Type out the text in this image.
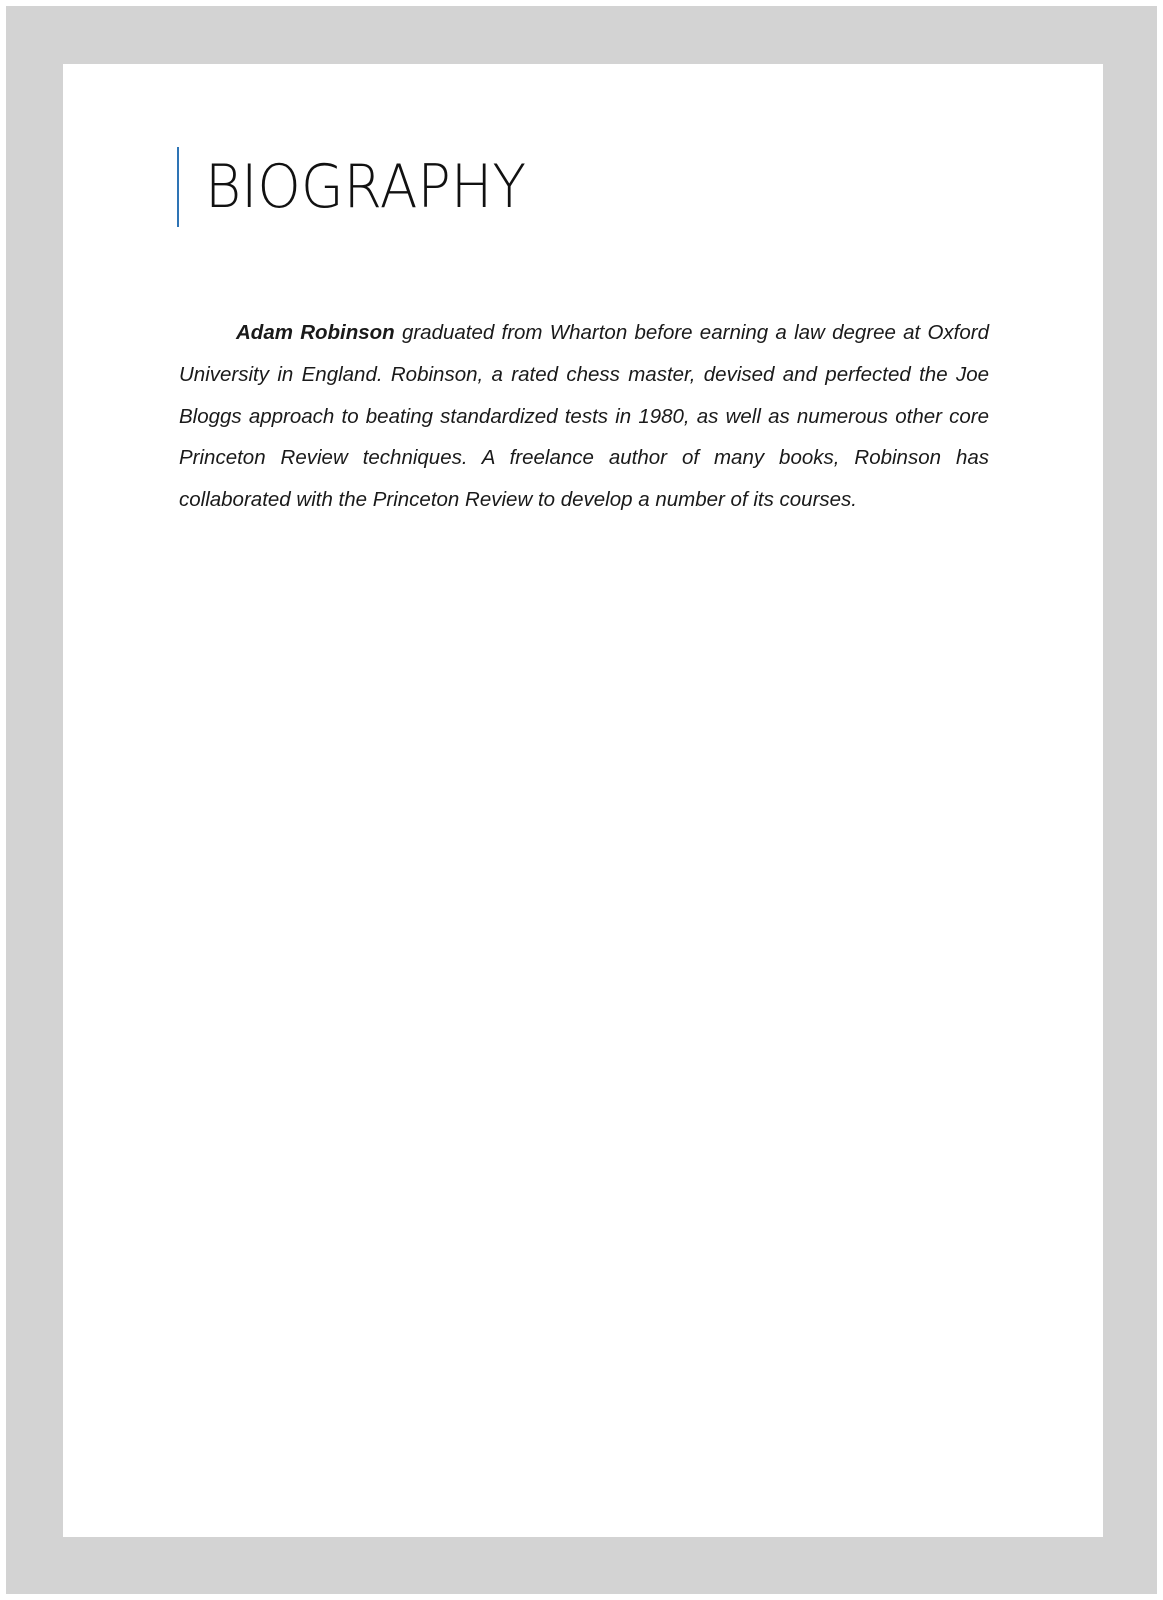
BIOGRAPHY

Adam Robinson graduated from Wharton before earning a law degree at Oxford University in England. Robinson, a rated chess master, devised and perfected the Joe Bloggs approach to beating standardized tests in 1980, as well as numerous other core Princeton Review techniques. A freelance author of many books, Robinson has collaborated with the Princeton Review to develop a number of its courses.
